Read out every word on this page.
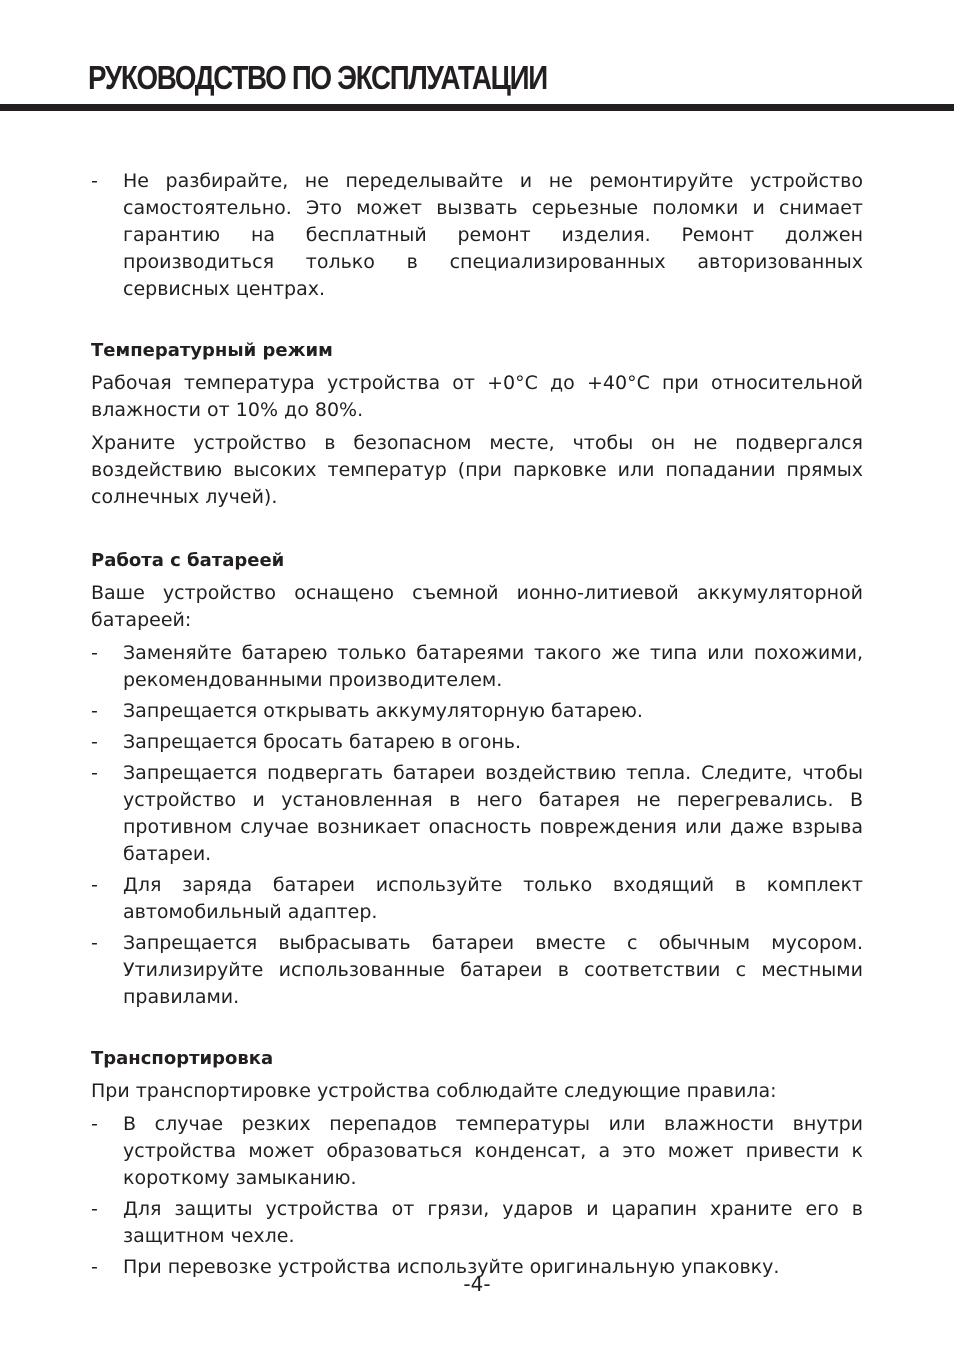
РУКОВОДСТВО ПО ЭКСПЛУАТАЦИИ
- Не разбирайте, не переделывайте и не ремонтируйте устройство самостоятельно. Это может вызвать серьезные поломки и снимает гарантию на бесплатный ремонт изделия. Ремонт должен производиться только в специализированных авторизованных сервисных центрах.
Температурный режим

Рабочая температура устройства от +0°C до +40°C при относительной влажности от 10% до 80%.

Храните устройство в безопасном месте, чтобы он не подвергался воздействию высоких температур (при парковке или попадании прямых солнечных лучей).

Работа с батареей

Ваше устройство оснащено съемной ионно-литиевой аккумуляторной батареей:

- Заменяйте батарею только батареями такого же типа или похожими, рекомендованными производителем.
- Запрещается открывать аккумуляторную батарею.
- Запрещается бросать батарею в огонь.
- Запрещается подвергать батареи воздействию тепла. Следите, чтобы устройство и установленная в него батарея не перегревались. В противном случае возникает опасность повреждения или даже взрыва батареи.
- Для заряда батареи используйте только входящий в комплект автомобильный адаптер.
- Запрещается выбрасывать батареи вместе с обычным мусором. Утилизируйте использованные батареи в соответствии с местными правилами.
Транспортировка

При транспортировке устройства соблюдайте следующие правила:

- В случае резких перепадов температуры или влажности внутри устройства может образоваться конденсат, а это может привести к короткому замыканию.
- Для защиты устройства от грязи, ударов и царапин храните его в защитном чехле.
- При перевозке устройства используйте оригинальную упаковку.
-4-
